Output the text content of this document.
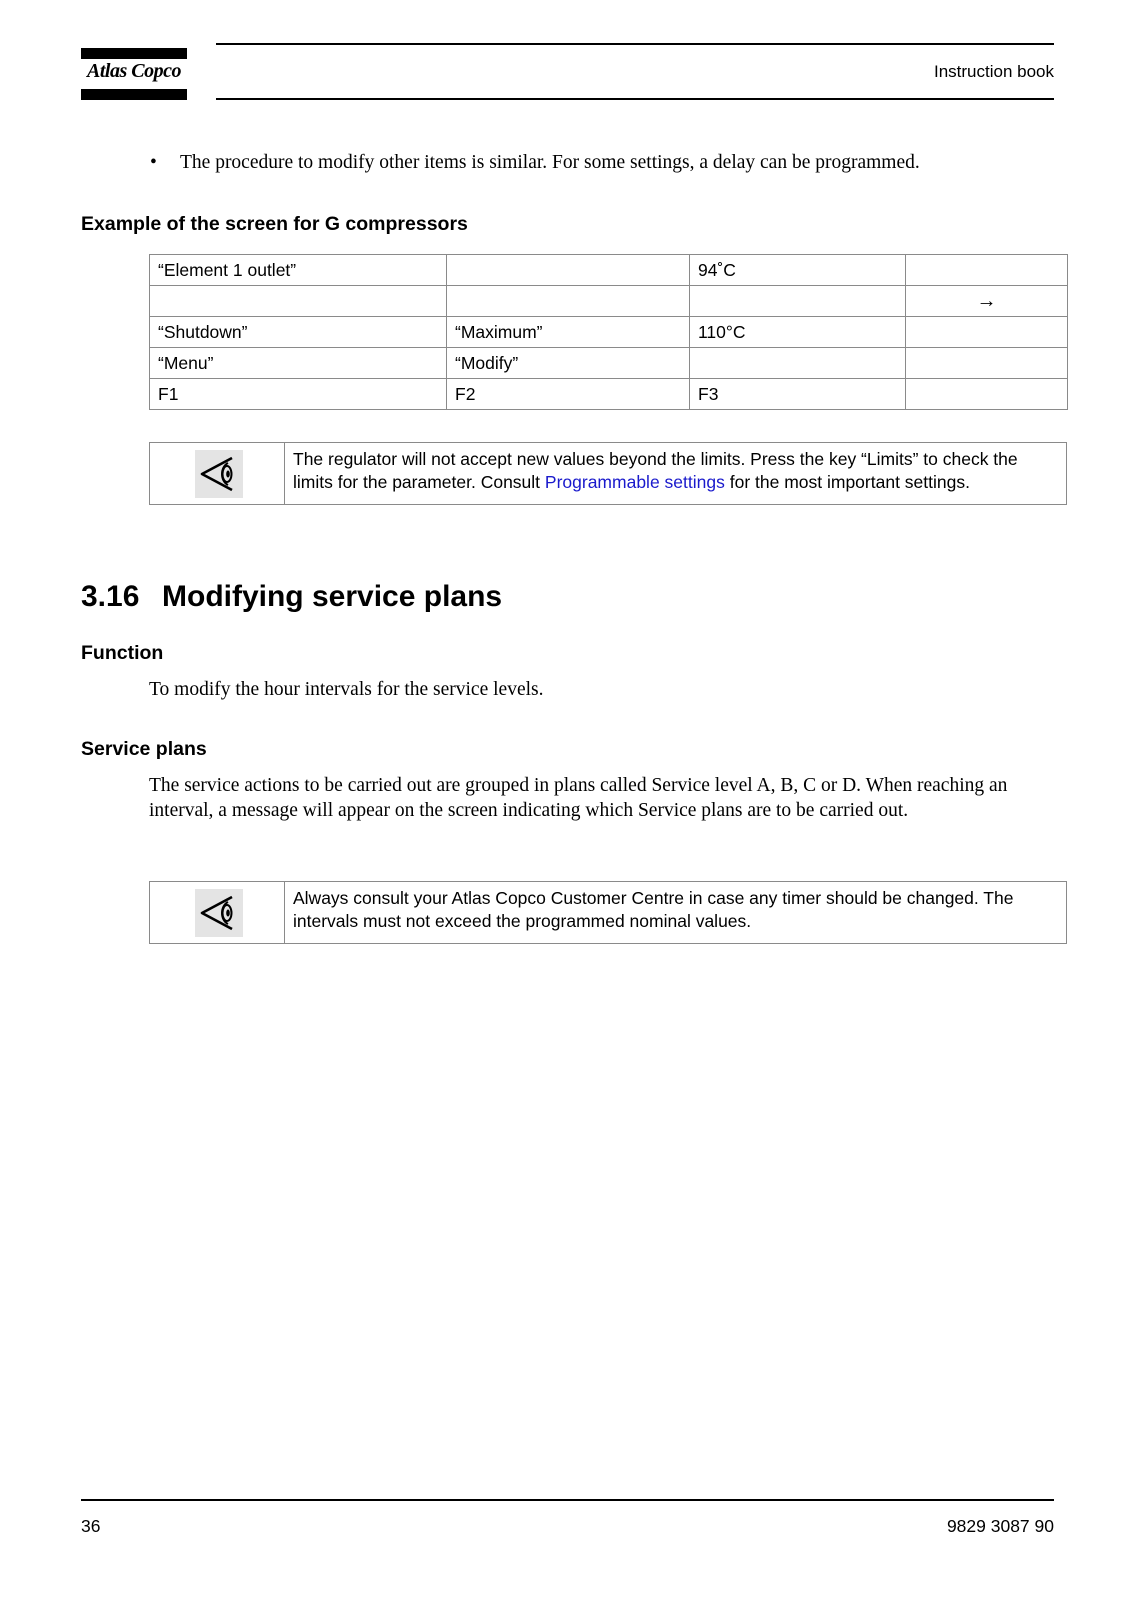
Atlas Copco	Instruction book
• The procedure to modify other items is similar. For some settings, a delay can be programmed.
Example of the screen for G compressors
“Element 1 outlet”		94˚C	
			→
“Shutdown”	“Maximum”	110°C	
“Menu”	“Modify”		
F1	F2	F3	
The regulator will not accept new values beyond the limits. Press the key “Limits” to check the limits for the parameter. Consult Programmable settings for the most important settings.
3.16 Modifying service plans
Function
To modify the hour intervals for the service levels.
Service plans
The service actions to be carried out are grouped in plans called Service level A, B, C or D. When reaching an interval, a message will appear on the screen indicating which Service plans are to be carried out.
Always consult your Atlas Copco Customer Centre in case any timer should be changed. The intervals must not exceed the programmed nominal values.
36	9829 3087 90
